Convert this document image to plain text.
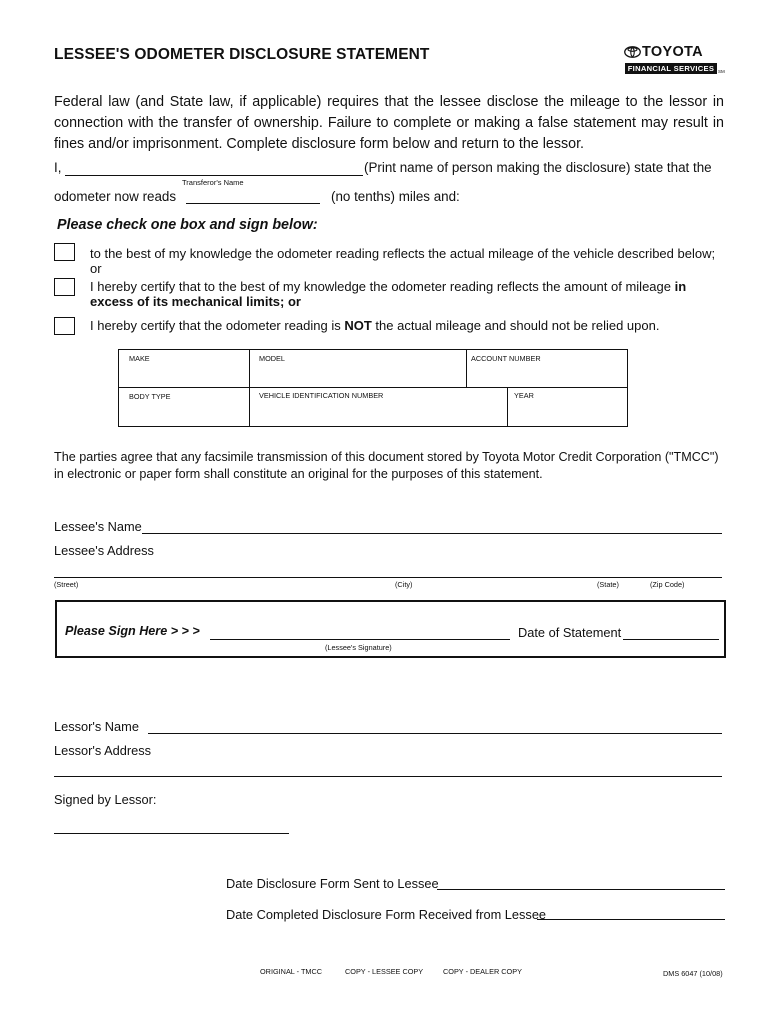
LESSEE'S ODOMETER DISCLOSURE STATEMENT	TOYOTA
FINANCIAL SERVICES SM
Federal law (and State law, if applicable) requires that the lessee disclose the mileage to the lessor in connection with the transfer of ownership. Failure to complete or making a false statement may result in fines and/or imprisonment. Complete disclosure form below and return to the lessor.
I,	(Print name of person making the disclosure) state that the
Transferor's Name
odometer now reads	(no tenths) miles and:
Please check one box and sign below:
to the best of my knowledge the odometer reading reflects the actual mileage of the vehicle described below; or
I hereby certify that to the best of my knowledge the odometer reading reflects the amount of mileage in excess of its mechanical limits; or
I hereby certify that the odometer reading is NOT the actual mileage and should not be relied upon.
MAKE	MODEL	ACCOUNT NUMBER
BODY TYPE	VEHICLE IDENTIFICATION NUMBER	YEAR
The parties agree that any facsimile transmission of this document stored by Toyota Motor Credit Corporation ("TMCC") in electronic or paper form shall constitute an original for the purposes of this statement.
Lessee's Name
Lessee's Address
(Street)	(City)	(State)	(Zip Code)
Please Sign Here > > >
(Lessee's Signature)
Date of Statement
Lessor's Name
Lessor's Address
Signed by Lessor:
Date Disclosure Form Sent to Lessee
Date Completed Disclosure Form Received from Lessee
ORIGINAL - TMCC	COPY - LESSEE COPY	COPY - DEALER COPY	DMS 6047 (10/08)
